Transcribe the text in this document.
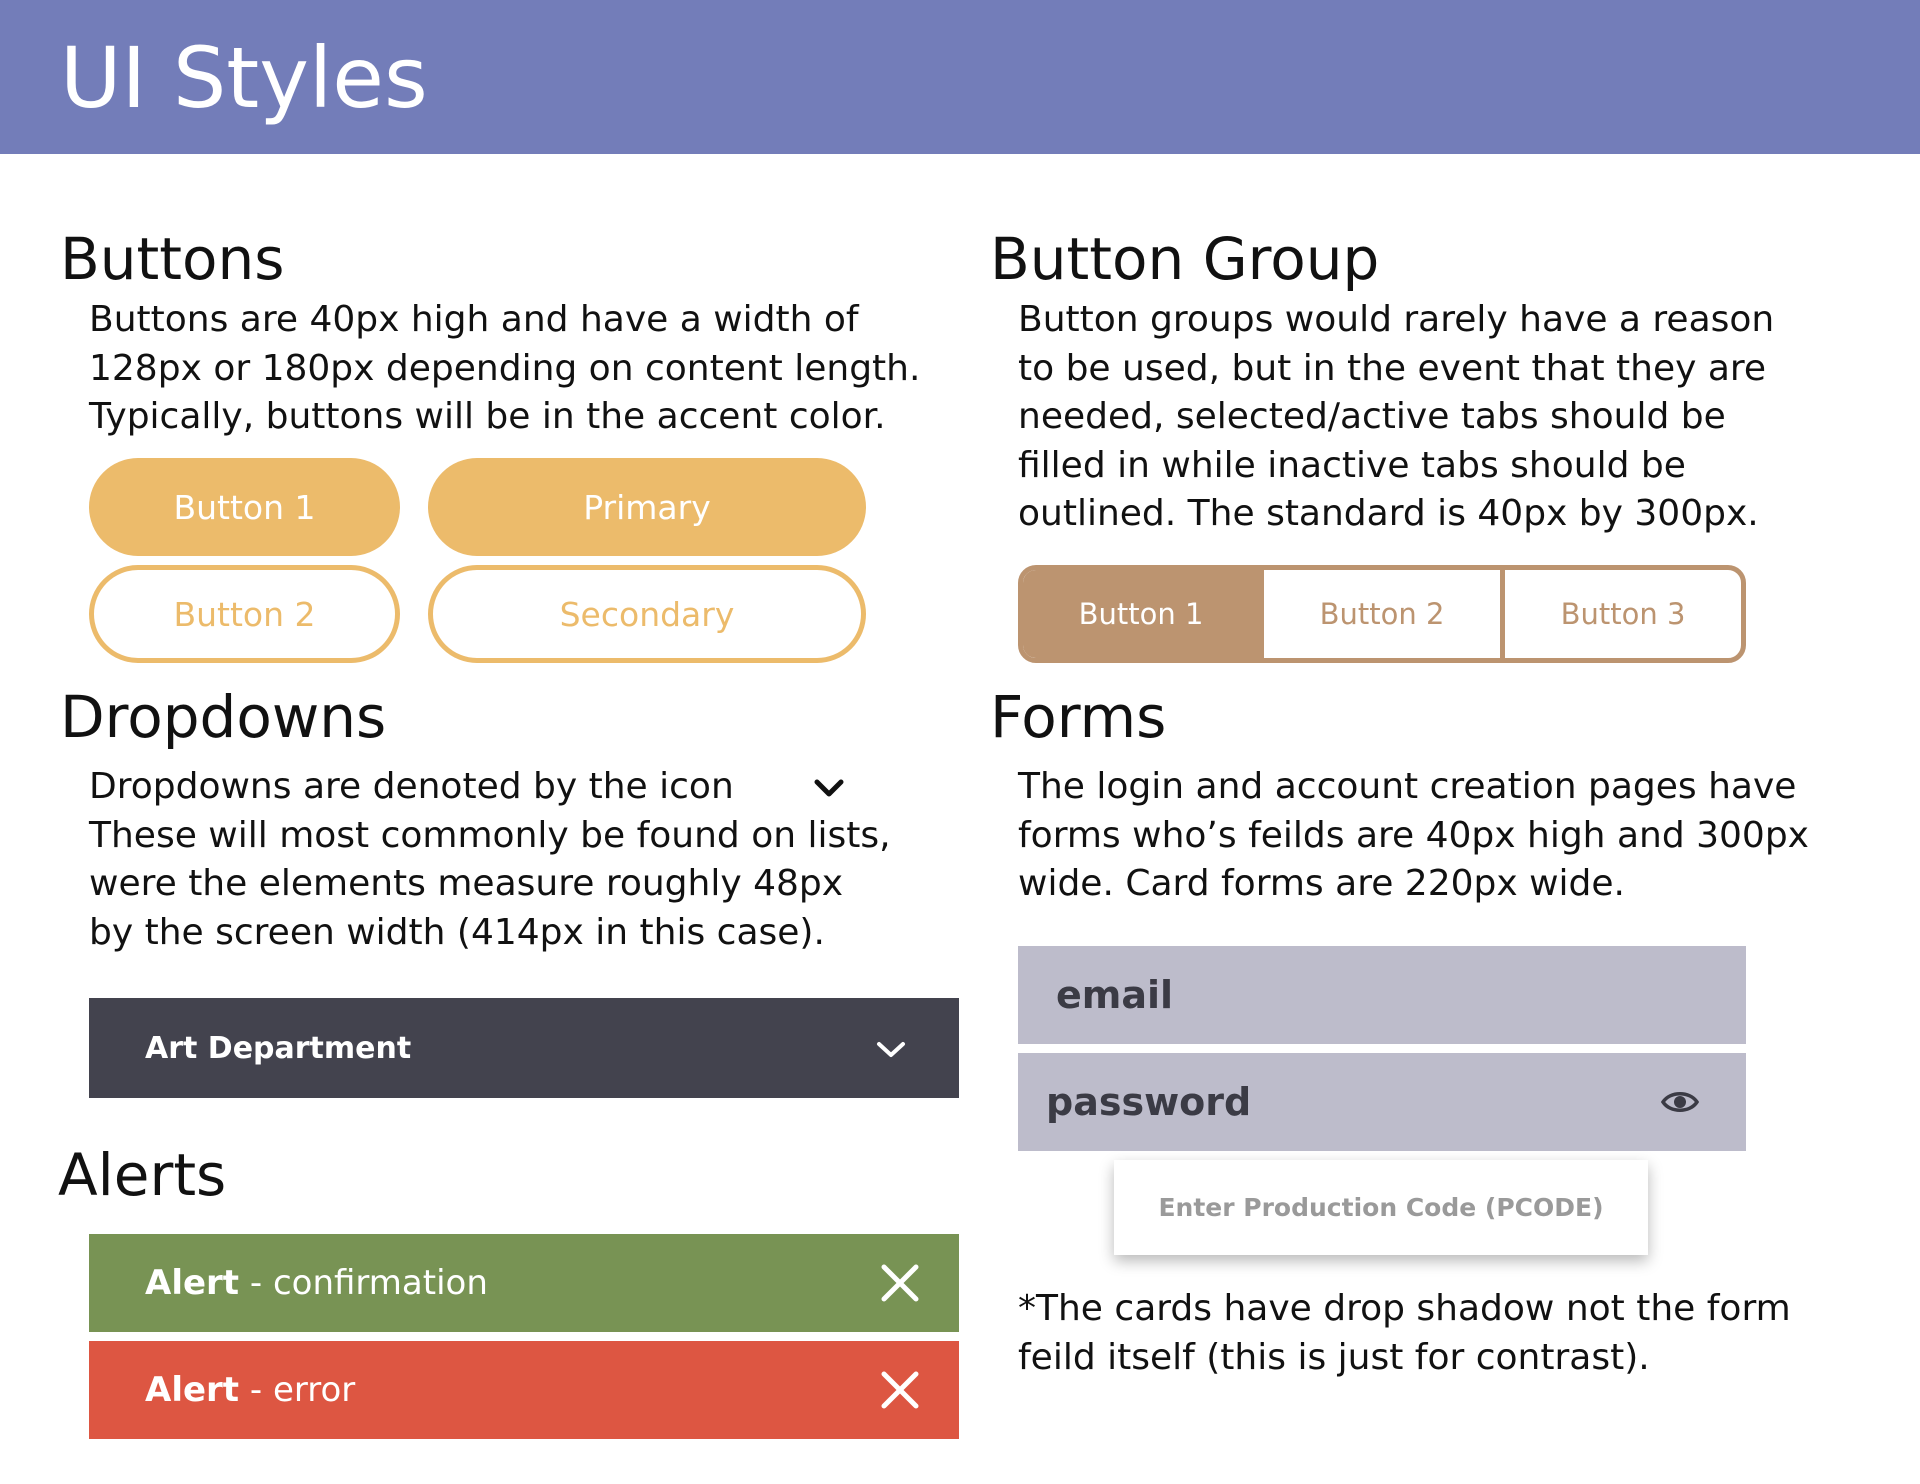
UI Styles
Buttons
Buttons are 40px high and have a width of
128px or 180px depending on content length.
Typically, buttons will be in the accent color.
Button 1	Primary
Button 2	Secondary
Button Group
Button groups would rarely have a reason
to be used, but in the event that they are
needed, selected/active tabs should be
filled in while inactive tabs should be
outlined. The standard is 40px by 300px.
Button 1	Button 2	Button 3
Dropdowns
Dropdowns are denoted by the icon
These will most commonly be found on lists,
were the elements measure roughly 48px
by the screen width (414px in this case).
Art Department
Alerts
Alert - confirmation
Alert - error
Forms
The login and account creation pages have
forms who’s feilds are 40px high and 300px
wide. Card forms are 220px wide.
email
password
Enter Production Code (PCODE)
*The cards have drop shadow not the form
feild itself (this is just for contrast).
